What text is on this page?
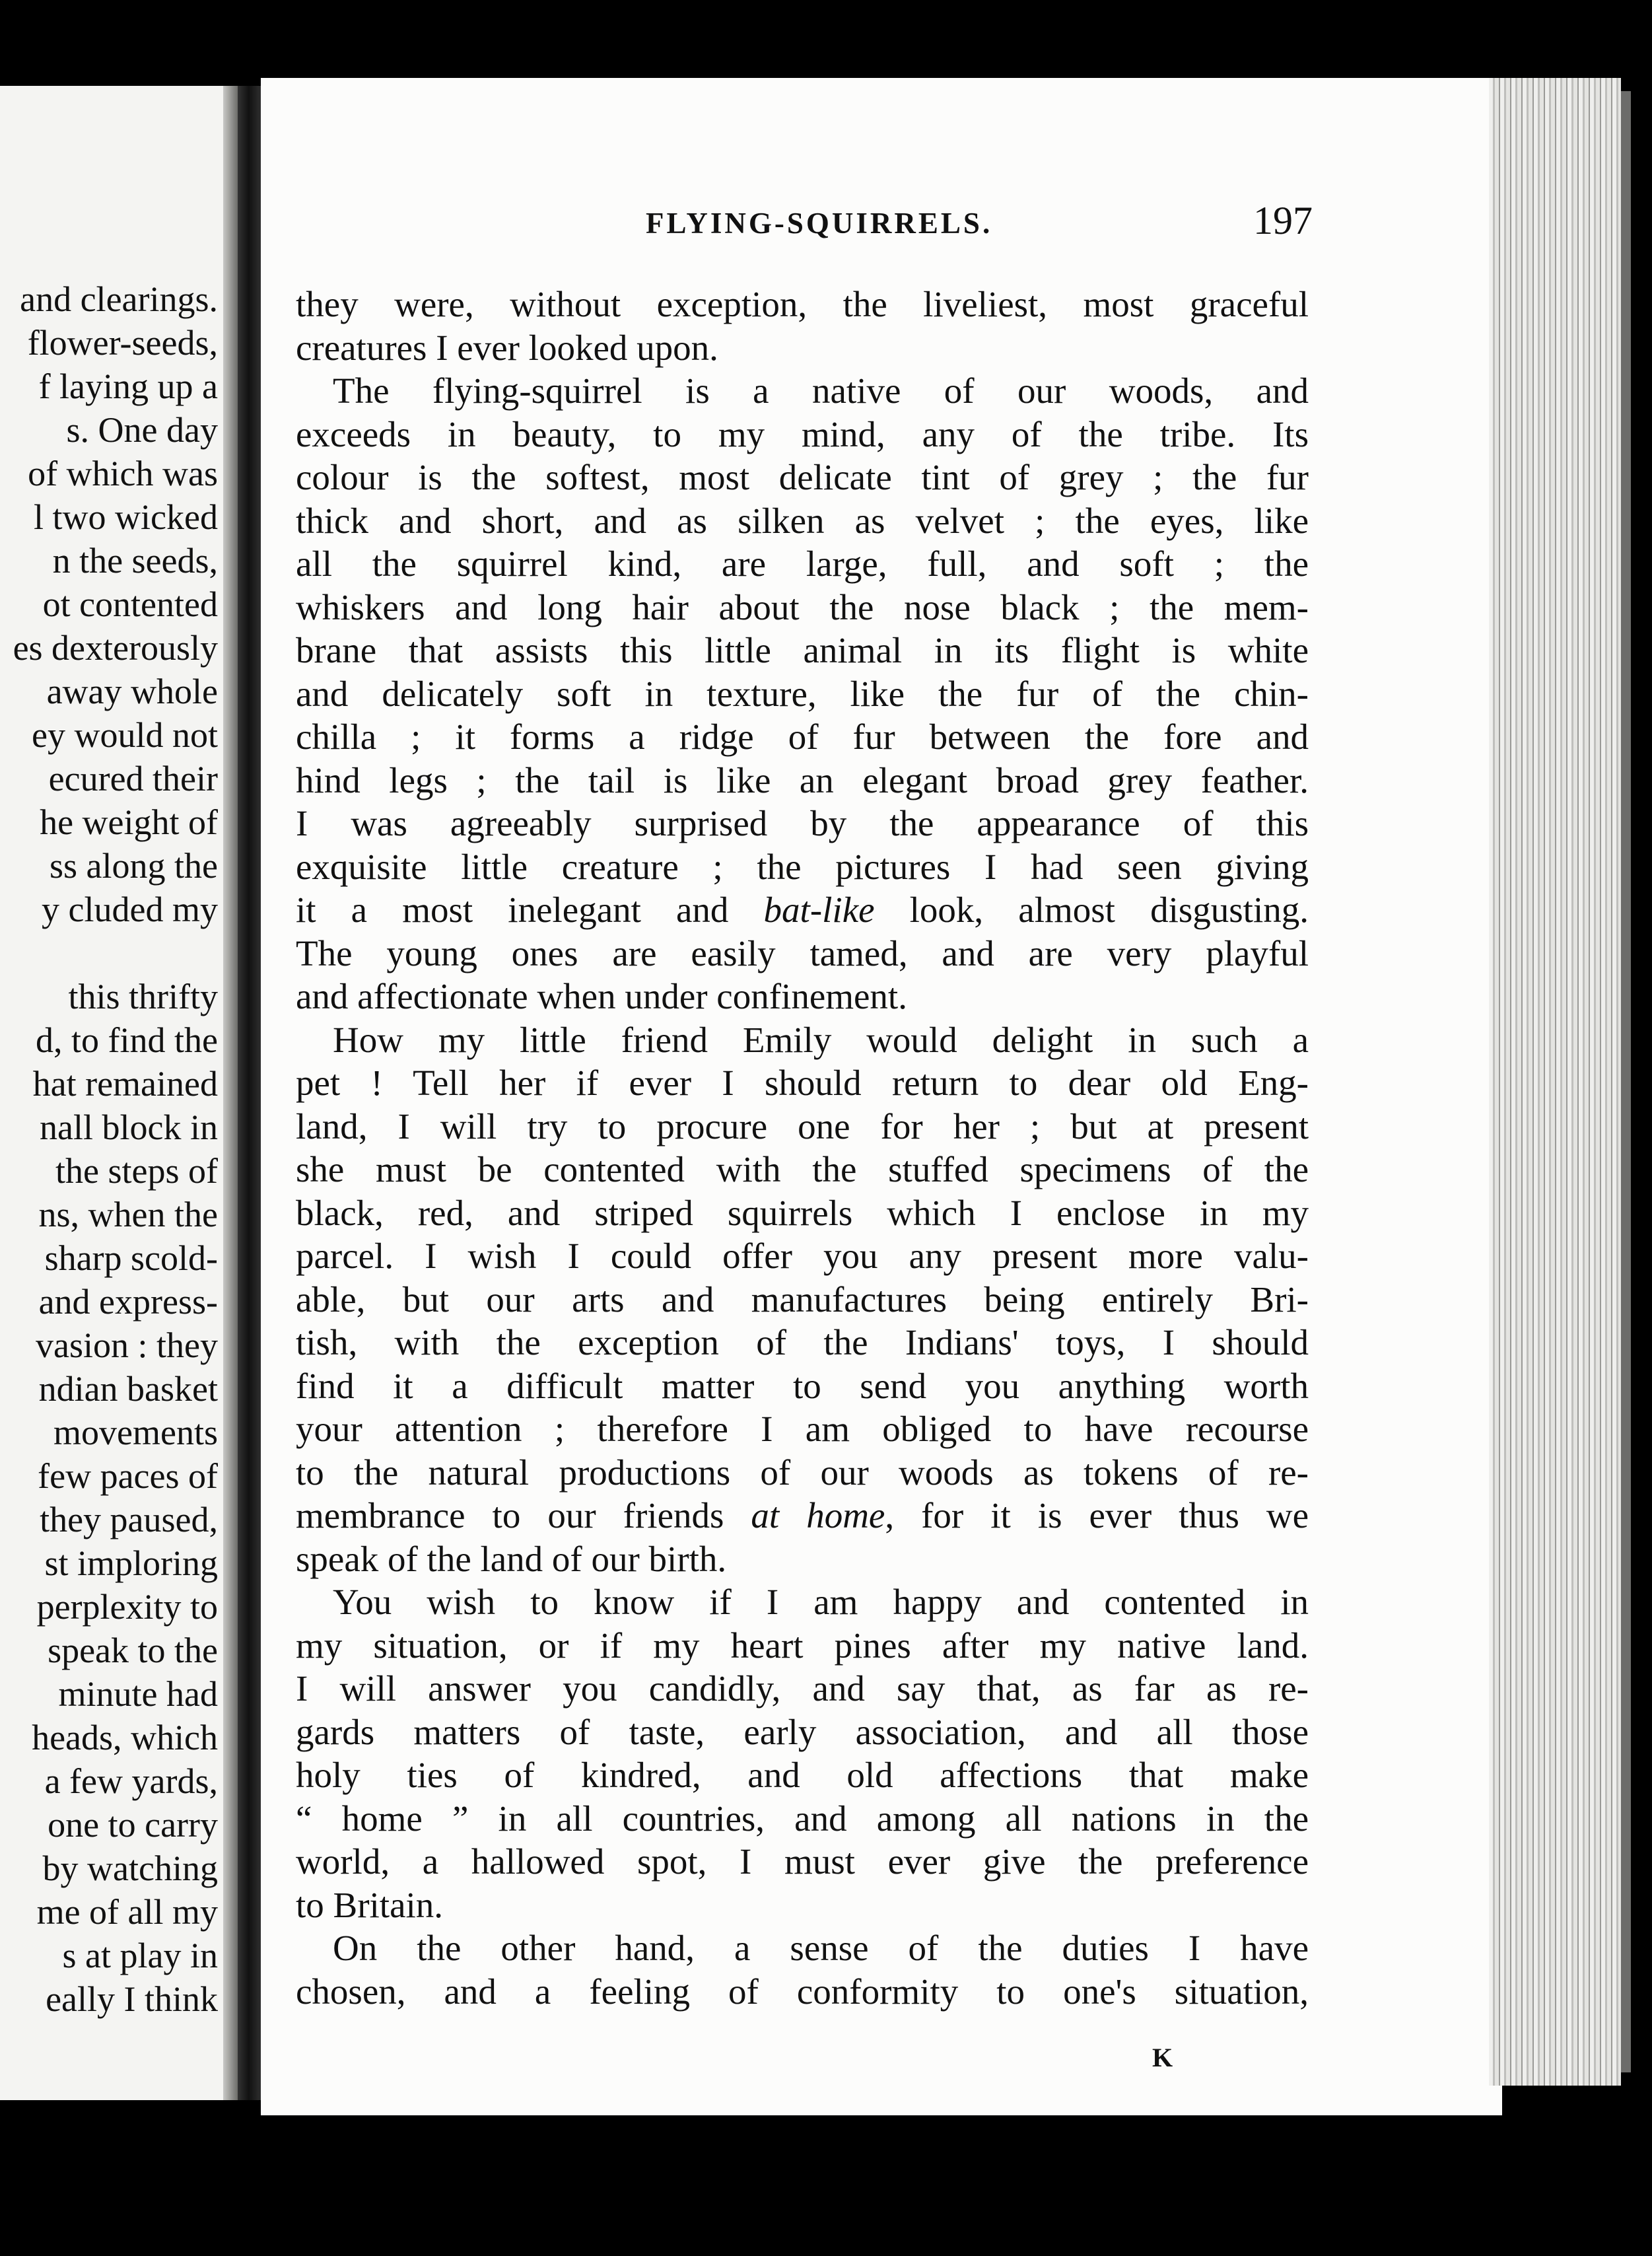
and clearings.
flower-seeds,
f laying up a
s. One day
of which was
l two wicked
n the seeds,
ot contented
es dexterously
away whole
ey would not
ecured their
he weight of
ss along the
y cluded my
this thrifty
d, to find the
hat remained
nall block in
the steps of
ns, when the
sharp scold-
and express-
vasion : they
ndian basket
movements
few paces of
they paused,
st imploring
perplexity to
speak to the
minute had
heads, which
a few yards,
one to carry
by watching
me of all my
s at play in
eally I think
FLYING-SQUIRRELS.	197
they were, without exception, the liveliest, most graceful
creatures I ever looked upon.
The flying-squirrel is a native of our woods, and
exceeds in beauty, to my mind, any of the tribe. Its
colour is the softest, most delicate tint of grey ; the fur
thick and short, and as silken as velvet ; the eyes, like
all the squirrel kind, are large, full, and soft ; the
whiskers and long hair about the nose black ; the mem-
brane that assists this little animal in its flight is white
and delicately soft in texture, like the fur of the chin-
chilla ; it forms a ridge of fur between the fore and
hind legs ; the tail is like an elegant broad grey feather.
I was agreeably surprised by the appearance of this
exquisite little creature ; the pictures I had seen giving
it a most inelegant and bat-like look, almost disgusting.
The young ones are easily tamed, and are very playful
and affectionate when under confinement.
How my little friend Emily would delight in such a
pet ! Tell her if ever I should return to dear old Eng-
land, I will try to procure one for her ; but at present
she must be contented with the stuffed specimens of the
black, red, and striped squirrels which I enclose in my
parcel. I wish I could offer you any present more valu-
able, but our arts and manufactures being entirely Bri-
tish, with the exception of the Indians' toys, I should
find it a difficult matter to send you anything worth
your attention ; therefore I am obliged to have recourse
to the natural productions of our woods as tokens of re-
membrance to our friends at home, for it is ever thus we
speak of the land of our birth.
You wish to know if I am happy and contented in
my situation, or if my heart pines after my native land.
I will answer you candidly, and say that, as far as re-
gards matters of taste, early association, and all those
holy ties of kindred, and old affections that make
“ home ” in all countries, and among all nations in the
world, a hallowed spot, I must ever give the preference
to Britain.
On the other hand, a sense of the duties I have
chosen, and a feeling of conformity to one's situation,
K
